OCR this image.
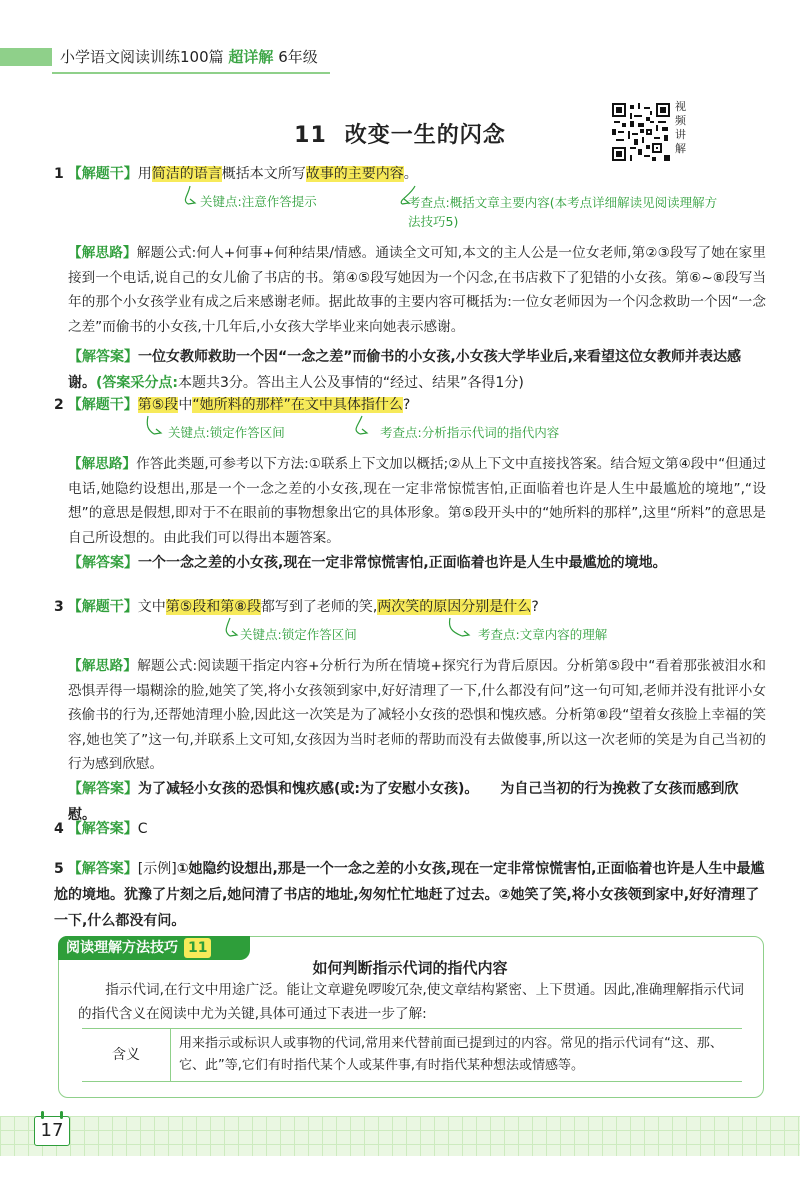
小学语文阅读训练100篇 超详解 6年级
11 改变一生的闪念
视频讲解
1 【解题干】用简洁的语言概括本文所写故事的主要内容。
关键点:注意作答提示	考查点:概括文章主要内容(本考点详细解读见阅读理解方法技巧5)
【解思路】解题公式:何人+何事+何种结果/情感。通读全文可知,本文的主人公是一位女老师,第②③段写了她在家里接到一个电话,说自己的女儿偷了书店的书。第④⑤段写她因为一个闪念,在书店救下了犯错的小女孩。第⑥~⑧段写当年的那个小女孩学业有成之后来感谢老师。据此故事的主要内容可概括为:一位女老师因为一个闪念救助一个因“一念之差”而偷书的小女孩,十几年后,小女孩大学毕业来向她表示感谢。
【解答案】一位女教师救助一个因“一念之差”而偷书的小女孩,小女孩大学毕业后,来看望这位女教师并表达感谢。(答案采分点:本题共3分。答出主人公及事情的“经过、结果”各得1分)
2 【解题干】第⑤段中“她所料的那样”在文中具体指什么?
关键点:锁定作答区间	考查点:分析指示代词的指代内容
【解思路】作答此类题,可参考以下方法:①联系上下文加以概括;②从上下文中直接找答案。结合短文第④段中“但通过电话,她隐约设想出,那是一个一念之差的小女孩,现在一定非常惊慌害怕,正面临着也许是人生中最尴尬的境地”,“设想”的意思是假想,即对于不在眼前的事物想象出它的具体形象。第⑤段开头中的“她所料的那样”,这里“所料”的意思是自己所设想的。由此我们可以得出本题答案。
【解答案】一个一念之差的小女孩,现在一定非常惊慌害怕,正面临着也许是人生中最尴尬的境地。
3 【解题干】文中第⑤段和第⑧段都写到了老师的笑,两次笑的原因分别是什么?
关键点:锁定作答区间	考查点:文章内容的理解
【解思路】解题公式:阅读题干指定内容+分析行为所在情境+探究行为背后原因。分析第⑤段中“看着那张被泪水和恐惧弄得一塌糊涂的脸,她笑了笑,将小女孩领到家中,好好清理了一下,什么都没有问”这一句可知,老师并没有批评小女孩偷书的行为,还帮她清理小脸,因此这一次笑是为了减轻小女孩的恐惧和愧疚感。分析第⑧段“望着女孩脸上幸福的笑容,她也笑了”这一句,并联系上文可知,女孩因为当时老师的帮助而没有去做傻事,所以这一次老师的笑是为自己当初的行为感到欣慰。
【解答案】为了减轻小女孩的恐惧和愧疚感(或:为了安慰小女孩)。 为自己当初的行为挽救了女孩而感到欣慰。
4 【解答案】C
5 【解答案】[示例]①她隐约设想出,那是一个一念之差的小女孩,现在一定非常惊慌害怕,正面临着也许是人生中最尴尬的境地。犹豫了片刻之后,她问清了书店的地址,匆匆忙忙地赶了过去。②她笑了笑,将小女孩领到家中,好好清理了一下,什么都没有问。
阅读理解方法技巧 11
如何判断指示代词的指代内容
指示代词,在行文中用途广泛。能让文章避免啰唆冗杂,使文章结构紧密、上下贯通。因此,准确理解指示代词的指代含义在阅读中尤为关键,具体可通过下表进一步了解:
含义	用来指示或标识人或事物的代词,常用来代替前面已提到过的内容。常见的指示代词有“这、那、它、此”等,它们有时指代某个人或某件事,有时指代某种想法或情感等。
17
